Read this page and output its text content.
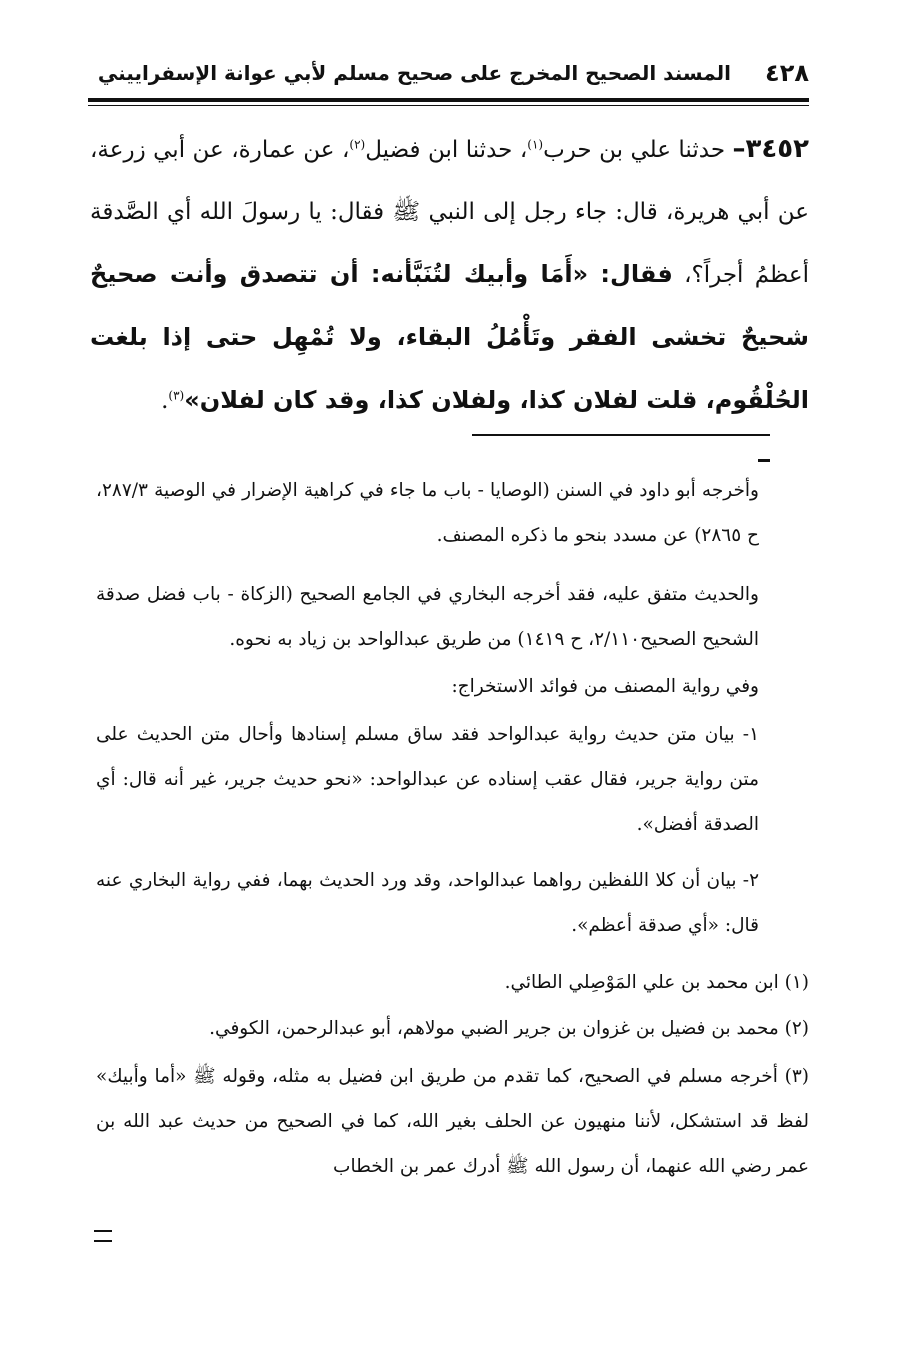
٤٢٨
المسند الصحيح المخرج على صحيح مسلم لأبي عوانة الإسفراييني
٣٤٥٢– حدثنا علي بن حرب$^{(١)}$، حدثنا ابن فضيل$^{(٢)}$، عن عمارة، عن أبي زرعة، عن أبي هريرة، قال: جاء رجل إلى النبي ﷺ فقال: يا رسولَ الله أي الصَّدقة أعظمُ أجراً؟، فقال: «أَمَا وأبيك لتُنَبَّأنه: أن تتصدق وأنت صحيحٌ شحيحٌ تخشى الفقر وتَأْمُلُ البقاء، ولا تُمْهِل حتى إذا بلغت الحُلْقُوم، قلت لفلان كذا، ولفلان كذا، وقد كان لفلان»$^{(٣)}$.
وأخرجه أبو داود في السنن (الوصايا - باب ما جاء في كراهية الإضرار في الوصية ٢٨٧/٣، ح ٢٨٦٥) عن مسدد بنحو ما ذكره المصنف.
والحديث متفق عليه، فقد أخرجه البخاري في الجامع الصحيح (الزكاة - باب فضل صدقة الشحيح الصحيح٢/١١٠، ح ١٤١٩) من طريق عبدالواحد بن زياد به نحوه.
وفي رواية المصنف من فوائد الاستخراج:
١- بيان متن حديث رواية عبدالواحد فقد ساق مسلم إسنادها وأحال متن الحديث على متن رواية جرير، فقال عقب إسناده عن عبدالواحد: «نحو حديث جرير، غير أنه قال: أي الصدقة أفضل».
٢- بيان أن كلا اللفظين رواهما عبدالواحد، وقد ورد الحديث بهما، ففي رواية البخاري عنه قال: «أي صدقة أعظم».
(١) ابن محمد بن علي المَوْصِلي الطائي.
(٢) محمد بن فضيل بن غزوان بن جرير الضبي مولاهم، أبو عبدالرحمن، الكوفي.
(٣) أخرجه مسلم في الصحيح، كما تقدم من طريق ابن فضيل به مثله، وقوله ﷺ «أما وأبيك» لفظ قد استشكل، لأننا منهيون عن الحلف بغير الله، كما في الصحيح من حديث عبد الله بن عمر رضي الله عنهما، أن رسول الله ﷺ أدرك عمر بن الخطاب
